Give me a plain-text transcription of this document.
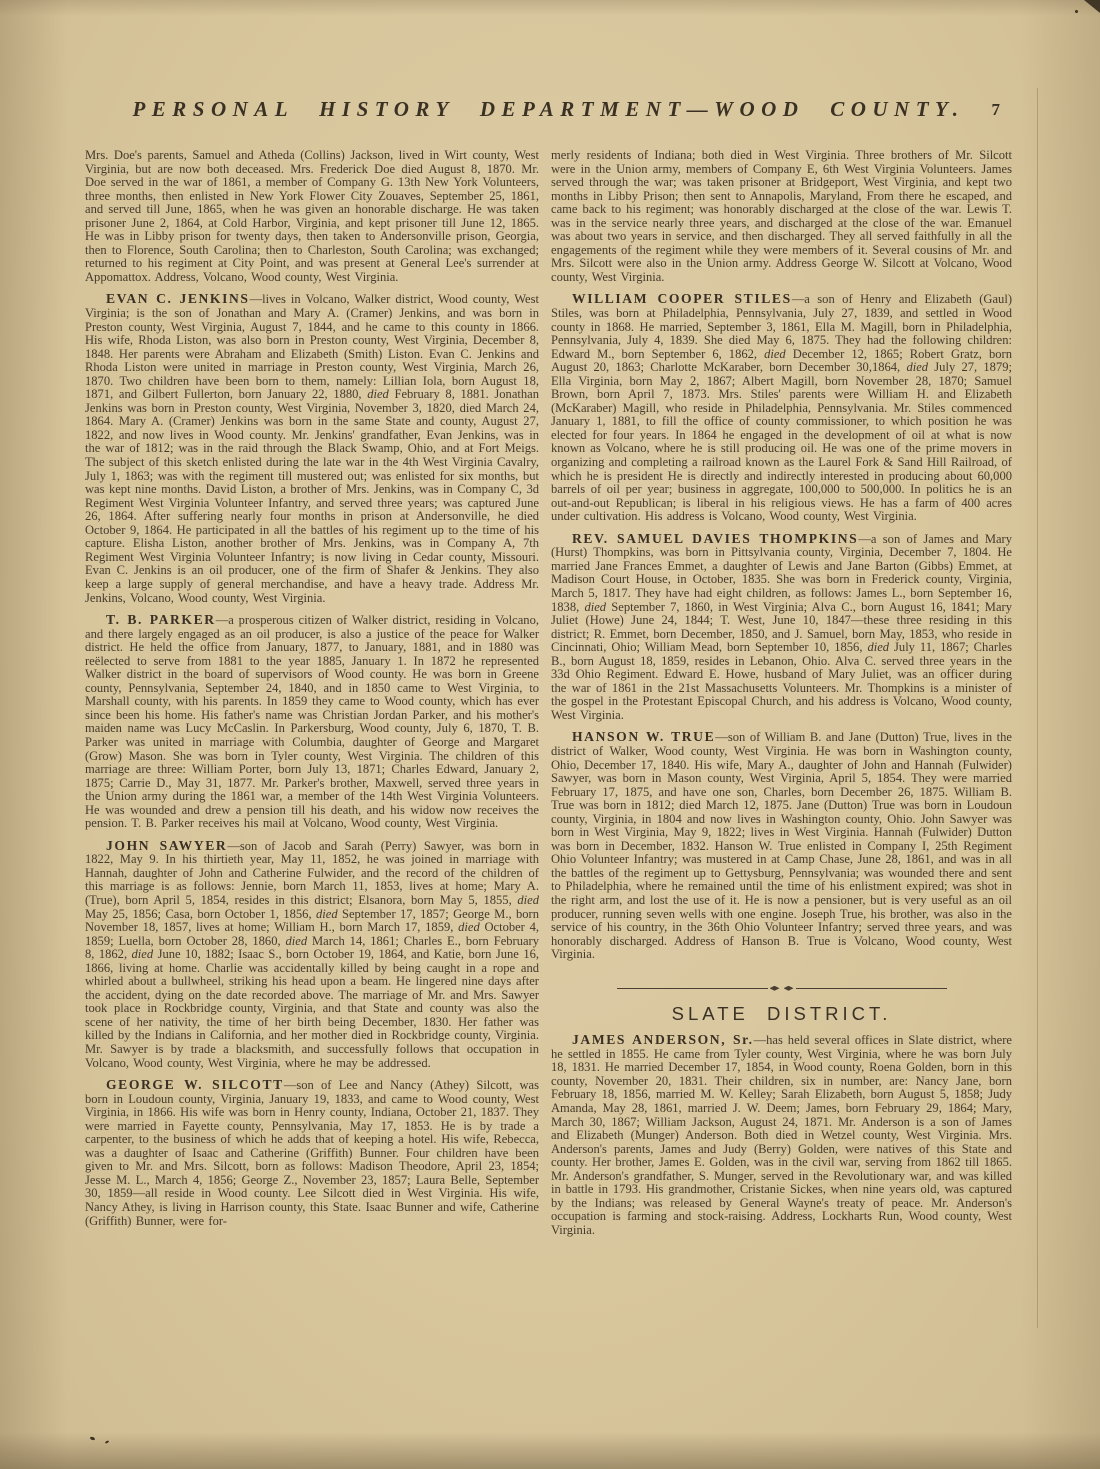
PERSONAL HISTORY DEPARTMENT—WOOD COUNTY. 7

Mrs. Doe's parents, Samuel and Atheda (Collins) Jackson, lived in Wirt county, West Virginia, but are now both deceased. Mrs. Frederick Doe died August 8, 1870. Mr. Doe served in the war of 1861, a member of Company G. 13th New York Volunteers, three months, then enlisted in New York Flower City Zouaves, September 25, 1861, and served till June, 1865, when he was given an honorable discharge. He was taken prisoner June 2, 1864, at Cold Harbor, Virginia, and kept prisoner till June 12, 1865. He was in Libby prison for twenty days, then taken to Andersonville prison, Georgia, then to Florence, South Carolina; then to Charleston, South Carolina; was exchanged; returned to his regiment at City Point, and was present at General Lee's surrender at Appomattox. Address, Volcano, Wood county, West Virginia.

EVAN C. JENKINS—lives in Volcano, Walker district, Wood county, West Virginia; is the son of Jonathan and Mary A. (Cramer) Jenkins, and was born in Preston county, West Virginia, August 7, 1844, and he came to this county in 1866. His wife, Rhoda Liston, was also born in Preston county, West Virginia, December 8, 1848. Her parents were Abraham and Elizabeth (Smith) Liston. Evan C. Jenkins and Rhoda Liston were united in marriage in Preston county, West Virginia, March 26, 1870. Two children have been born to them, namely: Lillian Iola, born August 18, 1871, and Gilbert Fullerton, born January 22, 1880, died February 8, 1881. Jonathan Jenkins was born in Preston county, West Virginia, November 3, 1820, died March 24, 1864. Mary A. (Cramer) Jenkins was born in the same State and county, August 27, 1822, and now lives in Wood county. Mr. Jenkins' grandfather, Evan Jenkins, was in the war of 1812; was in the raid through the Black Swamp, Ohio, and at Fort Meigs. The subject of this sketch enlisted during the late war in the 4th West Virginia Cavalry, July 1, 1863; was with the regiment till mustered out; was enlisted for six months, but was kept nine months. David Liston, a brother of Mrs. Jenkins, was in Company C, 3d Regiment West Virginia Volunteer Infantry, and served three years; was captured June 26, 1864. After suffering nearly four months in prison at Andersonville, he died October 9, 1864. He participated in all the battles of his regiment up to the time of his capture. Elisha Liston, another brother of Mrs. Jenkins, was in Company A, 7th Regiment West Virginia Volunteer Infantry; is now living in Cedar county, Missouri. Evan C. Jenkins is an oil producer, one of the firm of Shafer & Jenkins. They also keep a large supply of general merchandise, and have a heavy trade. Address Mr. Jenkins, Volcano, Wood county, West Virginia.

T. B. PARKER—a prosperous citizen of Walker district, residing in Volcano, and there largely engaged as an oil producer, is also a justice of the peace for Walker district. He held the office from January, 1877, to January, 1881, and in 1880 was reëlected to serve from 1881 to the year 1885, January 1. In 1872 he represented Walker district in the board of supervisors of Wood county. He was born in Greene county, Pennsylvania, September 24, 1840, and in 1850 came to West Virginia, to Marshall county, with his parents. In 1859 they came to Wood county, which has ever since been his home. His father's name was Christian Jordan Parker, and his mother's maiden name was Lucy McCaslin. In Parkersburg, Wood county, July 6, 1870, T. B. Parker was united in marriage with Columbia, daughter of George and Margaret (Grow) Mason. She was born in Tyler county, West Virginia. The children of this marriage are three: William Porter, born July 13, 1871; Charles Edward, January 2, 1875; Carrie D., May 31, 1877. Mr. Parker's brother, Maxwell, served three years in the Union army during the 1861 war, a member of the 14th West Virginia Volunteers. He was wounded and drew a pension till his death, and his widow now receives the pension. T. B. Parker receives his mail at Volcano, Wood county, West Virginia.

JOHN SAWYER—son of Jacob and Sarah (Perry) Sawyer, was born in 1822, May 9. In his thirtieth year, May 11, 1852, he was joined in marriage with Hannah, daughter of John and Catherine Fulwider, and the record of the children of this marriage is as follows: Jennie, born March 11, 1853, lives at home; Mary A. (True), born April 5, 1854, resides in this district; Elsanora, born May 5, 1855, died May 25, 1856; Casa, born October 1, 1856, died September 17, 1857; George M., born November 18, 1857, lives at home; William H., born March 17, 1859, died October 4, 1859; Luella, born October 28, 1860, died March 14, 1861; Charles E., born February 8, 1862, died June 10, 1882; Isaac S., born October 19, 1864, and Katie, born June 16, 1866, living at home. Charlie was accidentally killed by being caught in a rope and whirled about a bullwheel, striking his head upon a beam. He lingered nine days after the accident, dying on the date recorded above. The marriage of Mr. and Mrs. Sawyer took place in Rockbridge county, Virginia, and that State and county was also the scene of her nativity, the time of her birth being December, 1830. Her father was killed by the Indians in California, and her mother died in Rockbridge county, Virginia. Mr. Sawyer is by trade a blacksmith, and successfully follows that occupation in Volcano, Wood county, West Virginia, where he may be addressed.

GEORGE W. SILCOTT—son of Lee and Nancy (Athey) Silcott, was born in Loudoun county, Virginia, January 19, 1833, and came to Wood county, West Virginia, in 1866. His wife was born in Henry county, Indiana, October 21, 1837. They were married in Fayette county, Pennsylvania, May 17, 1853. He is by trade a carpenter, to the business of which he adds that of keeping a hotel. His wife, Rebecca, was a daughter of Isaac and Catherine (Griffith) Bunner. Four children have been given to Mr. and Mrs. Silcott, born as follows: Madison Theodore, April 23, 1854; Jesse M. L., March 4, 1856; George Z., November 23, 1857; Laura Belle, September 30, 1859—all reside in Wood county. Lee Silcott died in West Virginia. His wife, Nancy Athey, is living in Harrison county, this State. Isaac Bunner and wife, Catherine (Griffith) Bunner, were for-

merly residents of Indiana; both died in West Virginia. Three brothers of Mr. Silcott were in the Union army, members of Company E, 6th West Virginia Volunteers. James served through the war; was taken prisoner at Bridgeport, West Virginia, and kept two months in Libby Prison; then sent to Annapolis, Maryland, From there he escaped, and came back to his regiment; was honorably discharged at the close of the war. Lewis T. was in the service nearly three years, and discharged at the close of the war. Emanuel was about two years in service, and then discharged. They all served faithfully in all the engagements of the regiment while they were members of it. Several cousins of Mr. and Mrs. Silcott were also in the Union army. Address George W. Silcott at Volcano, Wood county, West Virginia.

WILLIAM COOPER STILES—a son of Henry and Elizabeth (Gaul) Stiles, was born at Philadelphia, Pennsylvania, July 27, 1839, and settled in Wood county in 1868. He married, September 3, 1861, Ella M. Magill, born in Philadelphia, Pennsylvania, July 4, 1839. She died May 6, 1875. They had the following children: Edward M., born September 6, 1862, died December 12, 1865; Robert Gratz, born August 20, 1863; Charlotte McKaraber, born December 30,1864, died July 27, 1879; Ella Virginia, born May 2, 1867; Albert Magill, born November 28, 1870; Samuel Brown, born April 7, 1873. Mrs. Stiles' parents were William H. and Elizabeth (McKaraber) Magill, who reside in Philadelphia, Pennsylvania. Mr. Stiles commenced January 1, 1881, to fill the office of county commissioner, to which position he was elected for four years. In 1864 he engaged in the development of oil at what is now known as Volcano, where he is still producing oil. He was one of the prime movers in organizing and completing a railroad known as the Laurel Fork & Sand Hill Railroad, of which he is president He is directly and indirectly interested in producing about 60,000 barrels of oil per year; business in aggregate, 100,000 to 500,000. In politics he is an out-and-out Republican; is liberal in his religious views. He has a farm of 400 acres under cultivation. His address is Volcano, Wood county, West Virginia.

REV. SAMUEL DAVIES THOMPKINS—a son of James and Mary (Hurst) Thompkins, was born in Pittsylvania county, Virginia, December 7, 1804. He married Jane Frances Emmet, a daughter of Lewis and Jane Barton (Gibbs) Emmet, at Madison Court House, in October, 1835. She was born in Frederick county, Virginia, March 5, 1817. They have had eight children, as follows: James L., born September 16, 1838, died September 7, 1860, in West Virginia; Alva C., born August 16, 1841; Mary Juliet (Howe) June 24, 1844; T. West, June 10, 1847—these three residing in this district; R. Emmet, born December, 1850, and J. Samuel, born May, 1853, who reside in Cincinnati, Ohio; William Mead, born September 10, 1856, died July 11, 1867; Charles B., born August 18, 1859, resides in Lebanon, Ohio. Alva C. served three years in the 33d Ohio Regiment. Edward E. Howe, husband of Mary Juliet, was an officer during the war of 1861 in the 21st Massachusetts Volunteers. Mr. Thompkins is a minister of the gospel in the Protestant Episcopal Church, and his address is Volcano, Wood county, West Virginia.

HANSON W. TRUE—son of William B. and Jane (Dutton) True, lives in the district of Walker, Wood county, West Virginia. He was born in Washington county, Ohio, December 17, 1840. His wife, Mary A., daughter of John and Hannah (Fulwider) Sawyer, was born in Mason county, West Virginia, April 5, 1854. They were married February 17, 1875, and have one son, Charles, born December 26, 1875. William B. True was born in 1812; died March 12, 1875. Jane (Dutton) True was born in Loudoun county, Virginia, in 1804 and now lives in Washington county, Ohio. John Sawyer was born in West Virginia, May 9, 1822; lives in West Virginia. Hannah (Fulwider) Dutton was born in December, 1832. Hanson W. True enlisted in Company I, 25th Regiment Ohio Volunteer Infantry; was mustered in at Camp Chase, June 28, 1861, and was in all the battles of the regiment up to Gettysburg, Pennsylvania; was wounded there and sent to Philadelphia, where he remained until the time of his enlistment expired; was shot in the right arm, and lost the use of it. He is now a pensioner, but is very useful as an oil producer, running seven wells with one engine. Joseph True, his brother, was also in the service of his country, in the 36th Ohio Volunteer Infantry; served three years, and was honorably discharged. Address of Hanson B. True is Volcano, Wood county, West Virginia.

SLATE DISTRICT.

JAMES ANDERSON, Sr.—has held several offices in Slate district, where he settled in 1855. He came from Tyler county, West Virginia, where he was born July 18, 1831. He married December 17, 1854, in Wood county, Roena Golden, born in this county, November 20, 1831. Their children, six in number, are: Nancy Jane, born February 18, 1856, married M. W. Kelley; Sarah Elizabeth, born August 5, 1858; Judy Amanda, May 28, 1861, married J. W. Deem; James, born February 29, 1864; Mary, March 30, 1867; William Jackson, August 24, 1871. Mr. Anderson is a son of James and Elizabeth (Munger) Anderson. Both died in Wetzel county, West Virginia. Mrs. Anderson's parents, James and Judy (Berry) Golden, were natives of this State and county. Her brother, James E. Golden, was in the civil war, serving from 1862 till 1865. Mr. Anderson's grandfather, S. Munger, served in the Revolutionary war, and was killed in battle in 1793. His grandmother, Cristanie Sickes, when nine years old, was captured by the Indians; was released by General Wayne's treaty of peace. Mr. Anderson's occupation is farming and stock-raising. Address, Lockharts Run, Wood county, West Virginia.
